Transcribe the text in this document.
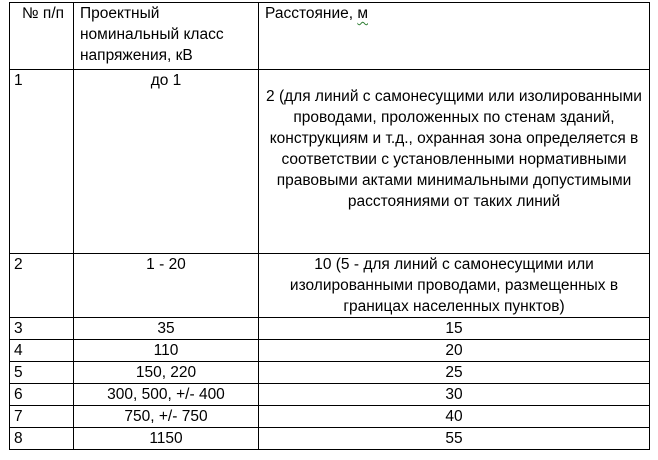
№ п/п	Проектный номинальный класс напряжения, кВ	Расстояние, м
1	до 1	2 (для линий с самонесущими или изолированными проводами, проложенных по стенам зданий, конструкциям и т.д., охранная зона определяется в соответствии с установленными нормативными правовыми актами минимальными допустимыми расстояниями от таких линий
2	1 - 20	10 (5 - для линий с самонесущими или изолированными проводами, размещенных в границах населенных пунктов)
3	35	15
4	110	20
5	150, 220	25
6	300, 500, +/- 400	30
7	750, +/- 750	40
8	1150	55
